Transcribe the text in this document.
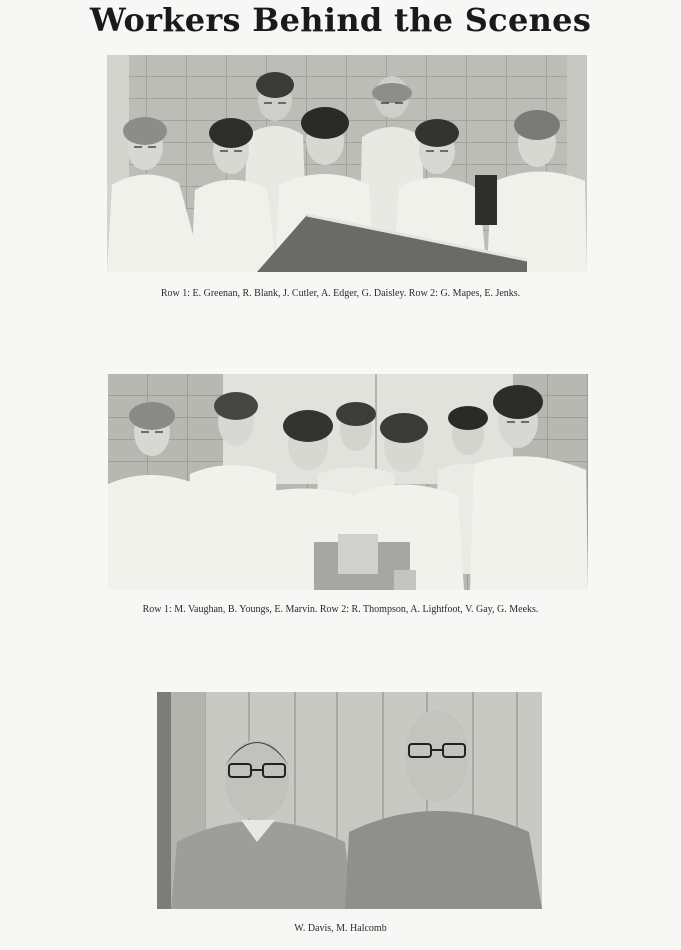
Workers Behind the Scenes
Row 1: E. Greenan, R. Blank, J. Cutler, A. Edger, G. Daisley. Row 2: G. Mapes, E. Jenks.
Row 1: M. Vaughan, B. Youngs, E. Marvin. Row 2: R. Thompson, A. Lightfoot, V. Gay, G. Meeks.
W. Davis, M. Halcomb
